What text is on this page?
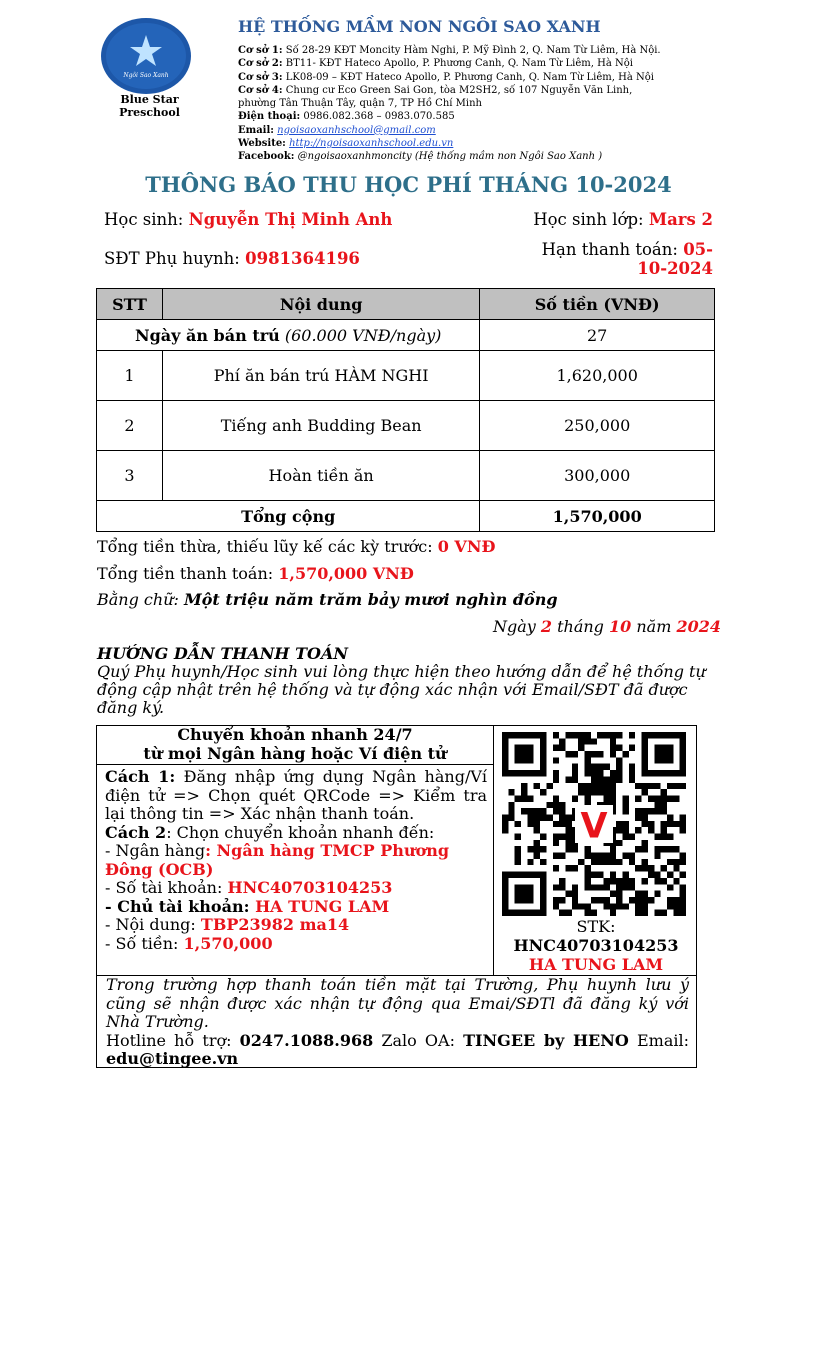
Ngôi Sao Xanh
Blue Star Preschool
HỆ THỐNG MẦM NON NGÔI SAO XANH
Cơ sở 1: Số 28-29 KĐT Moncity Hàm Nghi, P. Mỹ Đình 2, Q. Nam Từ Liêm, Hà Nội.
Cơ sở 2: BT11- KĐT Hateco Apollo, P. Phương Canh, Q. Nam Từ Liêm, Hà Nội
Cơ sở 3: LK08-09 – KĐT Hateco Apollo, P. Phương Canh, Q. Nam Từ Liêm, Hà Nội
Cơ sở 4: Chung cư Eco Green Sai Gon, tòa M2SH2, số 107 Nguyễn Văn Linh, phường Tân Thuận Tây, quận 7, TP Hồ Chí Minh
Điện thoại: 0986.082.368 – 0983.070.585
Email: ngoisaoxanhschool@gmail.com
Website: http://ngoisaoxanhschool.edu.vn
Facebook: @ngoisaoxanhmoncity (Hệ thống mầm non Ngôi Sao Xanh )
THÔNG BÁO THU HỌC PHÍ THÁNG 10-2024
Học sinh: Nguyễn Thị Minh Anh	Học sinh lớp: Mars 2
SĐT Phụ huynh: 0981364196	Hạn thanh toán: 05-10-2024
STT	Nội dung	Số tiền (VNĐ)
Ngày ăn bán trú (60.000 VNĐ/ngày)		27
1	Phí ăn bán trú HÀM NGHI	1,620,000
2	Tiếng anh Budding Bean	250,000
3	Hoàn tiền ăn	300,000
Tổng cộng		1,570,000
Tổng tiền thừa, thiếu lũy kế các kỳ trước: 0 VNĐ
Tổng tiền thanh toán: 1,570,000 VNĐ
Bằng chữ: Một triệu năm trăm bảy mươi nghìn đồng
Ngày 2 tháng 10 năm 2024
HƯỚNG DẪN THANH TOÁN
Quý Phụ huynh/Học sinh vui lòng thực hiện theo hướng dẫn để hệ thống tự động cập nhật trên hệ thống và tự động xác nhận với Email/SĐT đã được đăng ký.
Chuyển khoản nhanh 24/7
từ mọi Ngân hàng hoặc Ví điện tử
Cách 1: Đăng nhập ứng dụng Ngân hàng/Ví điện tử => Chọn quét QRCode => Kiểm tra lại thông tin => Xác nhận thanh toán.
Cách 2: Chọn chuyển khoản nhanh đến:
- Ngân hàng: Ngân hàng TMCP Phương Đông (OCB)
- Số tài khoản: HNC40703104253
- Chủ tài khoản: HA TUNG LAM
- Nội dung: TBP23982 ma14
- Số tiền: 1,570,000
V
STK:
HNC40703104253
HA TUNG LAM
Trong trường hợp thanh toán tiền mặt tại Trường, Phụ huynh lưu ý cũng sẽ nhận được xác nhận tự động qua Emai/SĐTl đã đăng ký với Nhà Trường.
Hotline hỗ trợ: 0247.1088.968 Zalo OA: TINGEE by HENO Email:
edu@tingee.vn
